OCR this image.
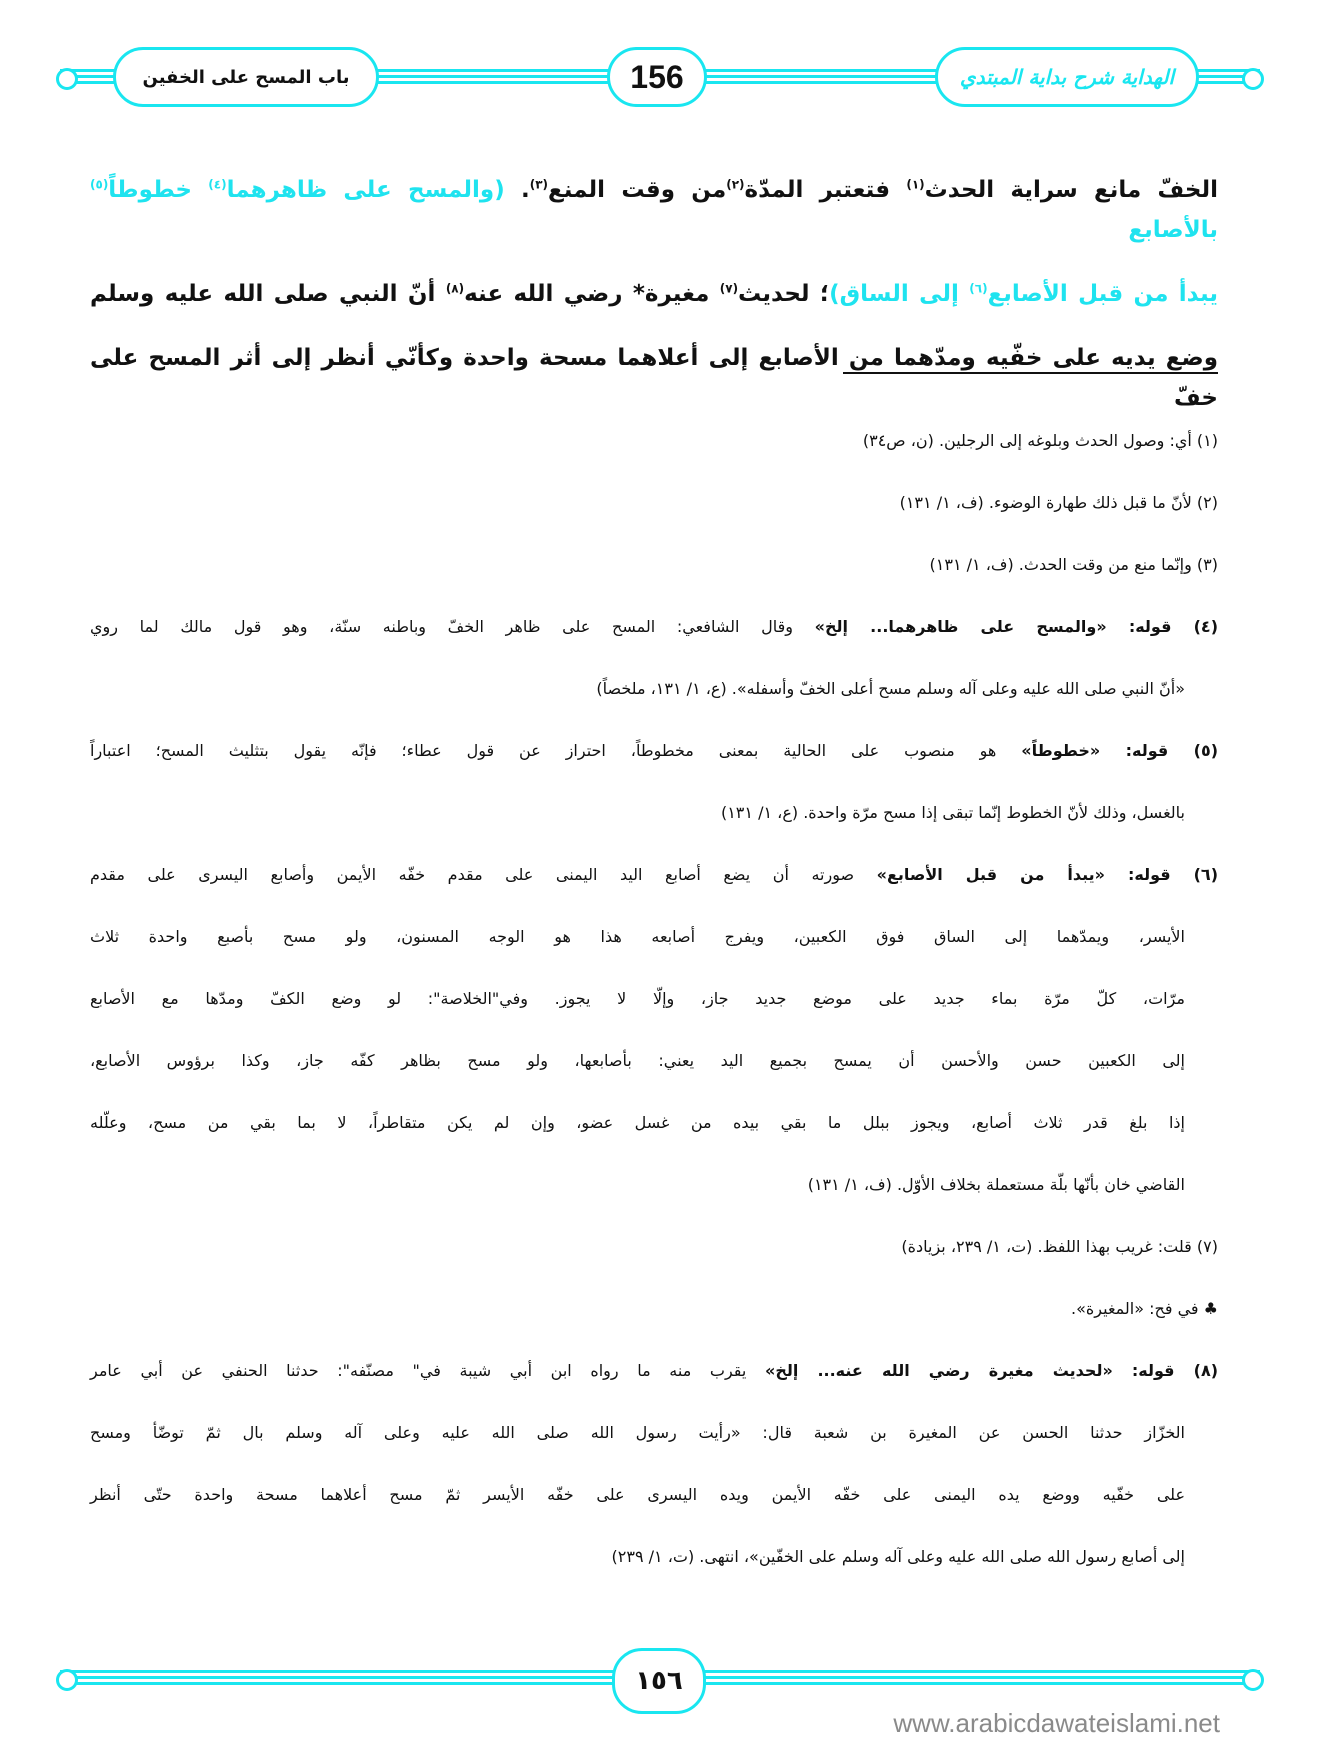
الهداية شرح بداية المبتدي
156
باب المسح على الخفين
الخفّ مانع سراية الحدث$^{(١)}$ فتعتبر المدّة$^{(٢)}$من وقت المنع$^{(٣)}$. (والمسح على ظاهرهما$^{(٤)}$ خطوطاً$^{(٥)}$ بالأصابع
يبدأ من قبل الأصابع$^{(٦)}$ إلى الساق)؛ لحديث$^{(٧)}$ مغيرة* رضي الله عنه$^{(٨)}$ أنّ النبي صلى الله عليه وسلم
وضع يديه على خفّيه ومدّهما من الأصابع إلى أعلاهما مسحة واحدة وكأنّي أنظر إلى أثر المسح على خفّ
(١) أي: وصول الحدث وبلوغه إلى الرجلين. (ن، ص٣٤)
(٢) لأنّ ما قبل ذلك طهارة الوضوء. (ف، ١/ ١٣١)
(٣) وإنّما منع من وقت الحدث. (ف، ١/ ١٣١)
(٤) قوله: «والمسح على ظاهرهما... إلخ» وقال الشافعي: المسح على ظاهر الخفّ وباطنه سنّة، وهو قول مالك لما روي
«أنّ النبي صلى الله عليه وعلى آله وسلم مسح أعلى الخفّ وأسفله». (ع، ١/ ١٣١، ملخصاً)
(٥) قوله: «خطوطاً» هو منصوب على الحالية بمعنى مخطوطاً، احتراز عن قول عطاء؛ فإنّه يقول بتثليث المسح؛ اعتباراً
بالغسل، وذلك لأنّ الخطوط إنّما تبقى إذا مسح مرّة واحدة. (ع، ١/ ١٣١)
(٦) قوله: «يبدأ من قبل الأصابع» صورته أن يضع أصابع اليد اليمنى على مقدم خفّه الأيمن وأصابع اليسرى على مقدم
الأيسر، ويمدّهما إلى الساق فوق الكعبين، ويفرج أصابعه هذا هو الوجه المسنون، ولو مسح بأصبع واحدة ثلاث
مرّات، كلّ مرّة بماء جديد على موضع جديد جاز، وإلّا لا يجوز. وفي"الخلاصة": لو وضع الكفّ ومدّها مع الأصابع
إلى الكعبين حسن والأحسن أن يمسح بجميع اليد يعني: بأصابعها، ولو مسح بظاهر كفّه جاز، وكذا برؤوس الأصابع،
إذا بلغ قدر ثلاث أصابع، ويجوز ببلل ما بقي بيده من غسل عضو، وإن لم يكن متقاطراً، لا بما بقي من مسح، وعلّله
القاضي خان بأنّها بلّة مستعملة بخلاف الأوّل. (ف، ١/ ١٣١)
(٧) قلت: غريب بهذا اللفظ. (ت، ١/ ٢٣٩، بزيادة)
♣ في فح: «المغيرة».
(٨) قوله: «لحديث مغيرة رضي الله عنه... إلخ» يقرب منه ما رواه ابن أبي شيبة في" مصنّفه": حدثنا الحنفي عن أبي عامر
الخزّاز حدثنا الحسن عن المغيرة بن شعبة قال: «رأيت رسول الله صلى الله عليه وعلى آله وسلم بال ثمّ توضّأ ومسح
على خفّيه ووضع يده اليمنى على خفّه الأيمن ويده اليسرى على خفّه الأيسر ثمّ مسح أعلاهما مسحة واحدة حتّى أنظر
إلى أصابع رسول الله صلى الله عليه وعلى آله وسلم على الخفّين»، انتهى. (ت، ١/ ٢٣٩)
١٥٦
www.arabicdawateislami.net
